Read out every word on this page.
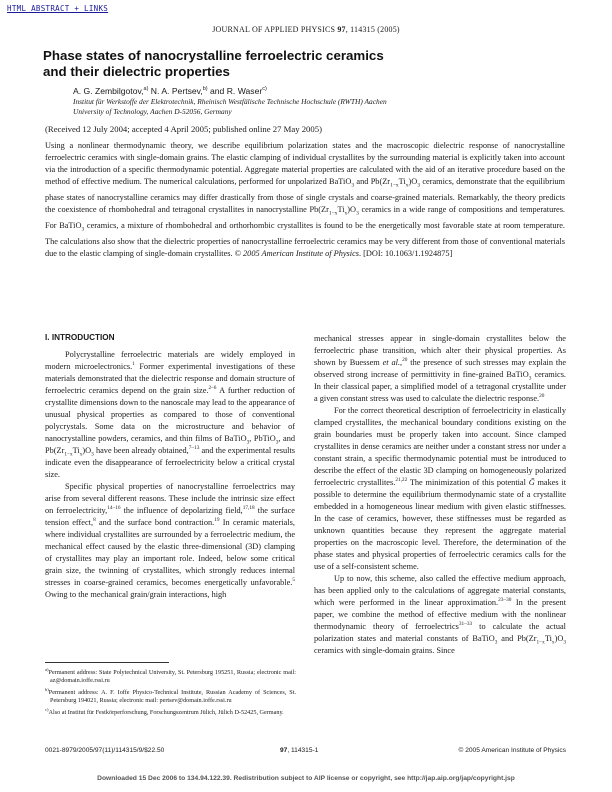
HTML ABSTRACT + LINKS
JOURNAL OF APPLIED PHYSICS 97, 114315 (2005)
Phase states of nanocrystalline ferroelectric ceramics
and their dielectric properties
A. G. Zembilgotov,$^{a)}$ N. A. Pertsev,$^{b)}$ and R. Waser$^{c)}$
Institut für Werkstoffe der Elektrotechnik, Rheinisch Westfälische Technische Hochschule (RWTH) Aachen
University of Technology, Aachen D-52056, Germany
(Received 12 July 2004; accepted 4 April 2005; published online 27 May 2005)
Using a nonlinear thermodynamic theory, we describe equilibrium polarization states and the macroscopic dielectric response of nanocrystalline ferroelectric ceramics with single-domain grains. The elastic clamping of individual crystallites by the surrounding material is explicitly taken into account via the introduction of a specific thermodynamic potential. Aggregate material properties are calculated with the aid of an iterative procedure based on the method of effective medium. The numerical calculations, performed for unpolarized BaTiO$_3$ and $Pb(Zr_{1-x}Ti_x)O_3$ ceramics, demonstrate that the equilibrium phase states of nanocrystalline ceramics may differ drastically from those of single crystals and coarse-grained materials. Remarkably, the theory predicts the coexistence of rhombohedral and tetragonal crystallites in nanocrystalline $Pb(Zr_{1-x}Ti_x)O_3$ ceramics in a wide range of compositions and temperatures. For BaTiO$_3$ ceramics, a mixture of rhombohedral and orthorhombic crystallites is found to be the energetically most favorable state at room temperature. The calculations also show that the dielectric properties of nanocrystalline ferroelectric ceramics may be very different from those of conventional materials due to the elastic clamping of single-domain crystallites. © 2005 American Institute of Physics. [DOI: 10.1063/1.1924875]
I. INTRODUCTION

Polycrystalline ferroelectric materials are widely employed in modern microelectronics.$^1$ Former experimental investigations of these materials demonstrated that the dielectric response and domain structure of ferroelectric ceramics depend on the grain size.$^{2-6}$ A further reduction of crystallite dimensions down to the nanoscale may lead to the appearance of unusual physical properties as compared to those of conventional polycrystals. Some data on the microstructure and behavior of nanocrystalline powders, ceramics, and thin films of BaTiO$_3$, PbTiO$_3$, and $Pb(Zr_{1-x}Ti_x)O_3$ have been already obtained,$^{7-13}$ and the experimental results indicate even the disappearance of ferroelectricity below a critical crystal size.

Specific physical properties of nanocrystalline ferroelectrics may arise from several different reasons. These include the intrinsic size effect on ferroelectricity,$^{14-16}$ the influence of depolarizing field,$^{17,18}$ the surface tension effect,$^8$ and the surface bond contraction.$^{19}$ In ceramic materials, where individual crystallites are surrounded by a ferroelectric medium, the mechanical effect caused by the elastic three-dimensional (3D) clamping of crystallites may play an important role. Indeed, below some critical grain size, the twinning of crystallites, which strongly reduces internal stresses in coarse-grained ceramics, becomes energetically unfavorable.$^5$ Owing to the mechanical grain/grain interactions, high

mechanical stresses appear in single-domain crystallites below the ferroelectric phase transition, which alter their physical properties. As shown by Buessem et al.,$^{20}$ the presence of such stresses may explain the observed strong increase of permittivity in fine-grained BaTiO$_3$ ceramics. In their classical paper, a simplified model of a tetragonal crystallite under a given constant stress was used to calculate the dielectric response.$^{20}$

For the correct theoretical description of ferroelectricity in elastically clamped crystallites, the mechanical boundary conditions existing on the grain boundaries must be properly taken into account. Since clamped crystallites in dense ceramics are neither under a constant stress nor under a constant strain, a specific thermodynamic potential must be introduced to describe the effect of the elastic 3D clamping on homogeneously polarized ferroelectric crystallites.$^{21,22}$ The minimization of this potential G̃ makes it possible to determine the equilibrium thermodynamic state of a crystallite embedded in a homogeneous linear medium with given elastic stiffnesses. In the case of ceramics, however, these stiffnesses must be regarded as unknown quantities because they represent the aggregate material properties on the macroscopic level. Therefore, the determination of the phase states and physical properties of ferroelectric ceramics calls for the use of a self-consistent scheme.

Up to now, this scheme, also called the effective medium approach, has been applied only to the calculations of aggregate material constants, which were performed in the linear approximation.$^{23-30}$ In the present paper, we combine the method of effective medium with the nonlinear thermodynamic theory of ferroelectrics$^{31-33}$ to calculate the actual polarization states and material constants of BaTiO$_3$ and $Pb(Zr_{1-x}Ti_x)O_3$ ceramics with single-domain grains. Since

$^{a)}$Permanent address: State Polytechnical University, St. Petersburg 195251, Russia; electronic mail: az@domain.ioffe.rssi.ru
$^{b)}$Permanent address: A. F. Ioffe Physico-Technical Institute, Russian Academy of Sciences, St. Petersburg 194021, Russia; electronic mail: pertsev@domain.ioffe.rssi.ru
$^{c)}$Also at Institut für Festkörperforschung, Forschungszentrum Jülich, Jülich D-52425, Germany.
0021-8979/2005/97(11)/114315/9/$22.50	97, 114315-1	© 2005 American Institute of Physics
Downloaded 15 Dec 2006 to 134.94.122.39. Redistribution subject to AIP license or copyright, see http://jap.aip.org/jap/copyright.jsp
